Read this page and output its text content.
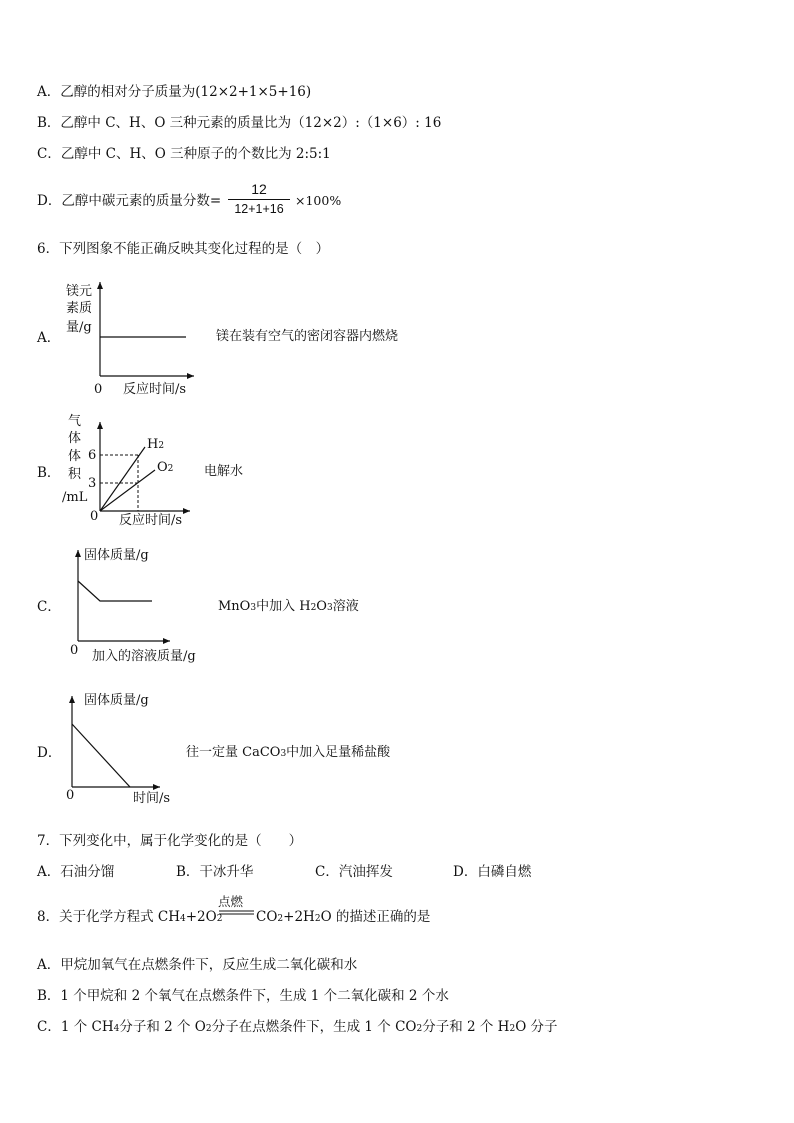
A．乙醇的相对分子质量为(12×2+1×5+16)
B．乙醇中 C、H、O 三种元素的质量比为（12×2）:（1×6）: 16
C．乙醇中 C、H、O 三种原子的个数比为 2:5:1
D．乙醇中碳元素的质量分数=
12
12+1+16
×100%
6．下列图象不能正确反映其变化过程的是（　）
A．
镁元
素质
量/g
0 反应时间/s
镁在装有空气的密闭容器内燃烧
B．
气
体
体
积
/mL
6
3
0 反应时间/s
H2
O2 电解水
C．
固体质量/g
0 加入的溶液质量/g
MnO3中加入 H2O3溶液
D．
固体质量/g
0	时间/s
往一定量 CaCO3中加入足量稀盐酸
7．下列变化中，属于化学变化的是（　　）
A．石油分馏	B．干冰升华	C．汽油挥发	D．白磷自燃
点燃
8．关于化学方程式 CH4+2O2 CO2+2H2O 的描述正确的是
A．甲烷加氧气在点燃条件下，反应生成二氧化碳和水
B．1 个甲烷和 2 个氧气在点燃条件下，生成 1 个二氧化碳和 2 个水
C．1 个 CH4分子和 2 个 O2分子在点燃条件下，生成 1 个 CO2分子和 2 个 H2O 分子
